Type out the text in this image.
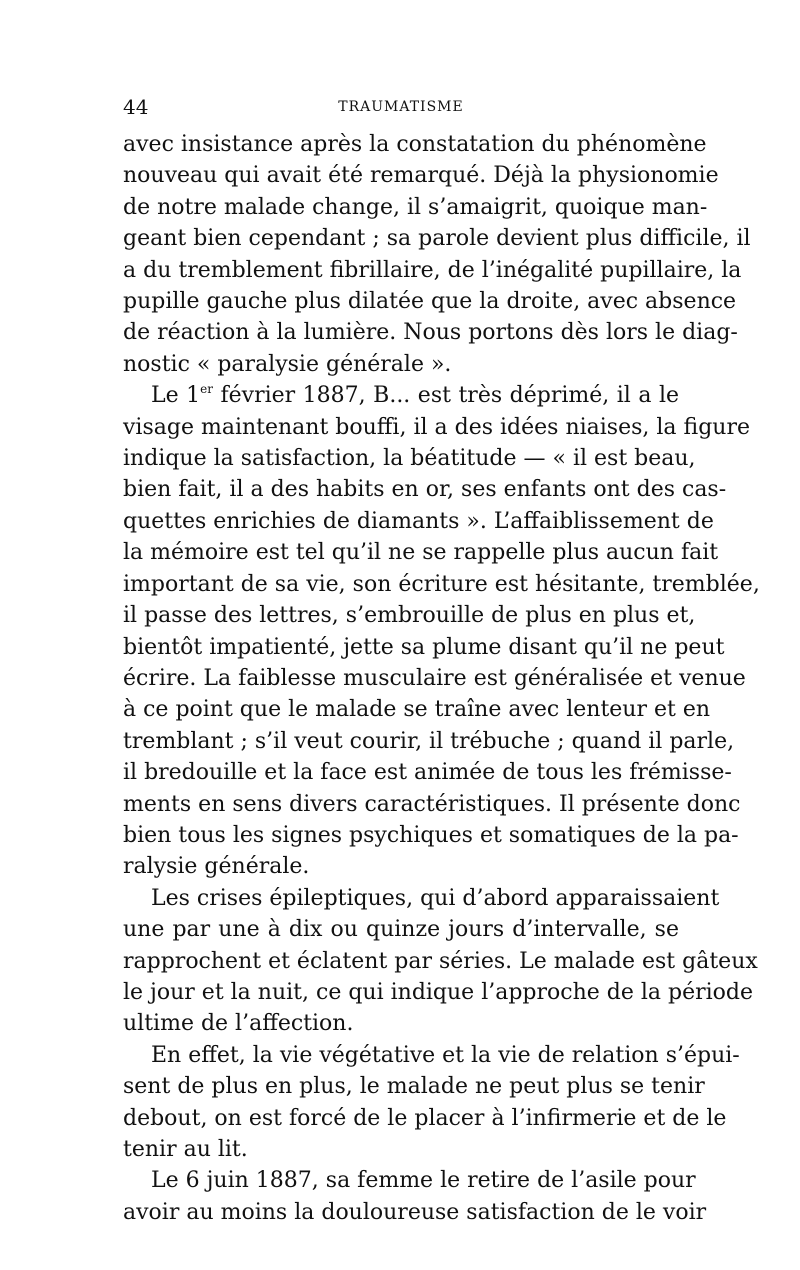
44	TRAUMATISME
avec insistance après la constatation du phénomène
nouveau qui avait été remarqué. Déjà la physionomie
de notre malade change, il s’amaigrit, quoique man-
geant bien cependant ; sa parole devient plus difficile, il
a du tremblement fibrillaire, de l’inégalité pupillaire, la
pupille gauche plus dilatée que la droite, avec absence
de réaction à la lumière. Nous portons dès lors le diag-
nostic « paralysie générale ».
Le 1er février 1887, B... est très déprimé, il a le
visage maintenant bouffi, il a des idées niaises, la figure
indique la satisfaction, la béatitude — « il est beau,
bien fait, il a des habits en or, ses enfants ont des cas-
quettes enrichies de diamants ». L’affaiblissement de
la mémoire est tel qu’il ne se rappelle plus aucun fait
important de sa vie, son écriture est hésitante, tremblée,
il passe des lettres, s’embrouille de plus en plus et,
bientôt impatienté, jette sa plume disant qu’il ne peut
écrire. La faiblesse musculaire est généralisée et venue
à ce point que le malade se traîne avec lenteur et en
tremblant ; s’il veut courir, il trébuche ; quand il parle,
il bredouille et la face est animée de tous les frémisse-
ments en sens divers caractéristiques. Il présente donc
bien tous les signes psychiques et somatiques de la pa-
ralysie générale.
Les crises épileptiques, qui d’abord apparaissaient
une par une à dix ou quinze jours d’intervalle, se
rapprochent et éclatent par séries. Le malade est gâteux
le jour et la nuit, ce qui indique l’approche de la période
ultime de l’affection.
En effet, la vie végétative et la vie de relation s’épui-
sent de plus en plus, le malade ne peut plus se tenir
debout, on est forcé de le placer à l’infirmerie et de le
tenir au lit.
Le 6 juin 1887, sa femme le retire de l’asile pour
avoir au moins la douloureuse satisfaction de le voir
